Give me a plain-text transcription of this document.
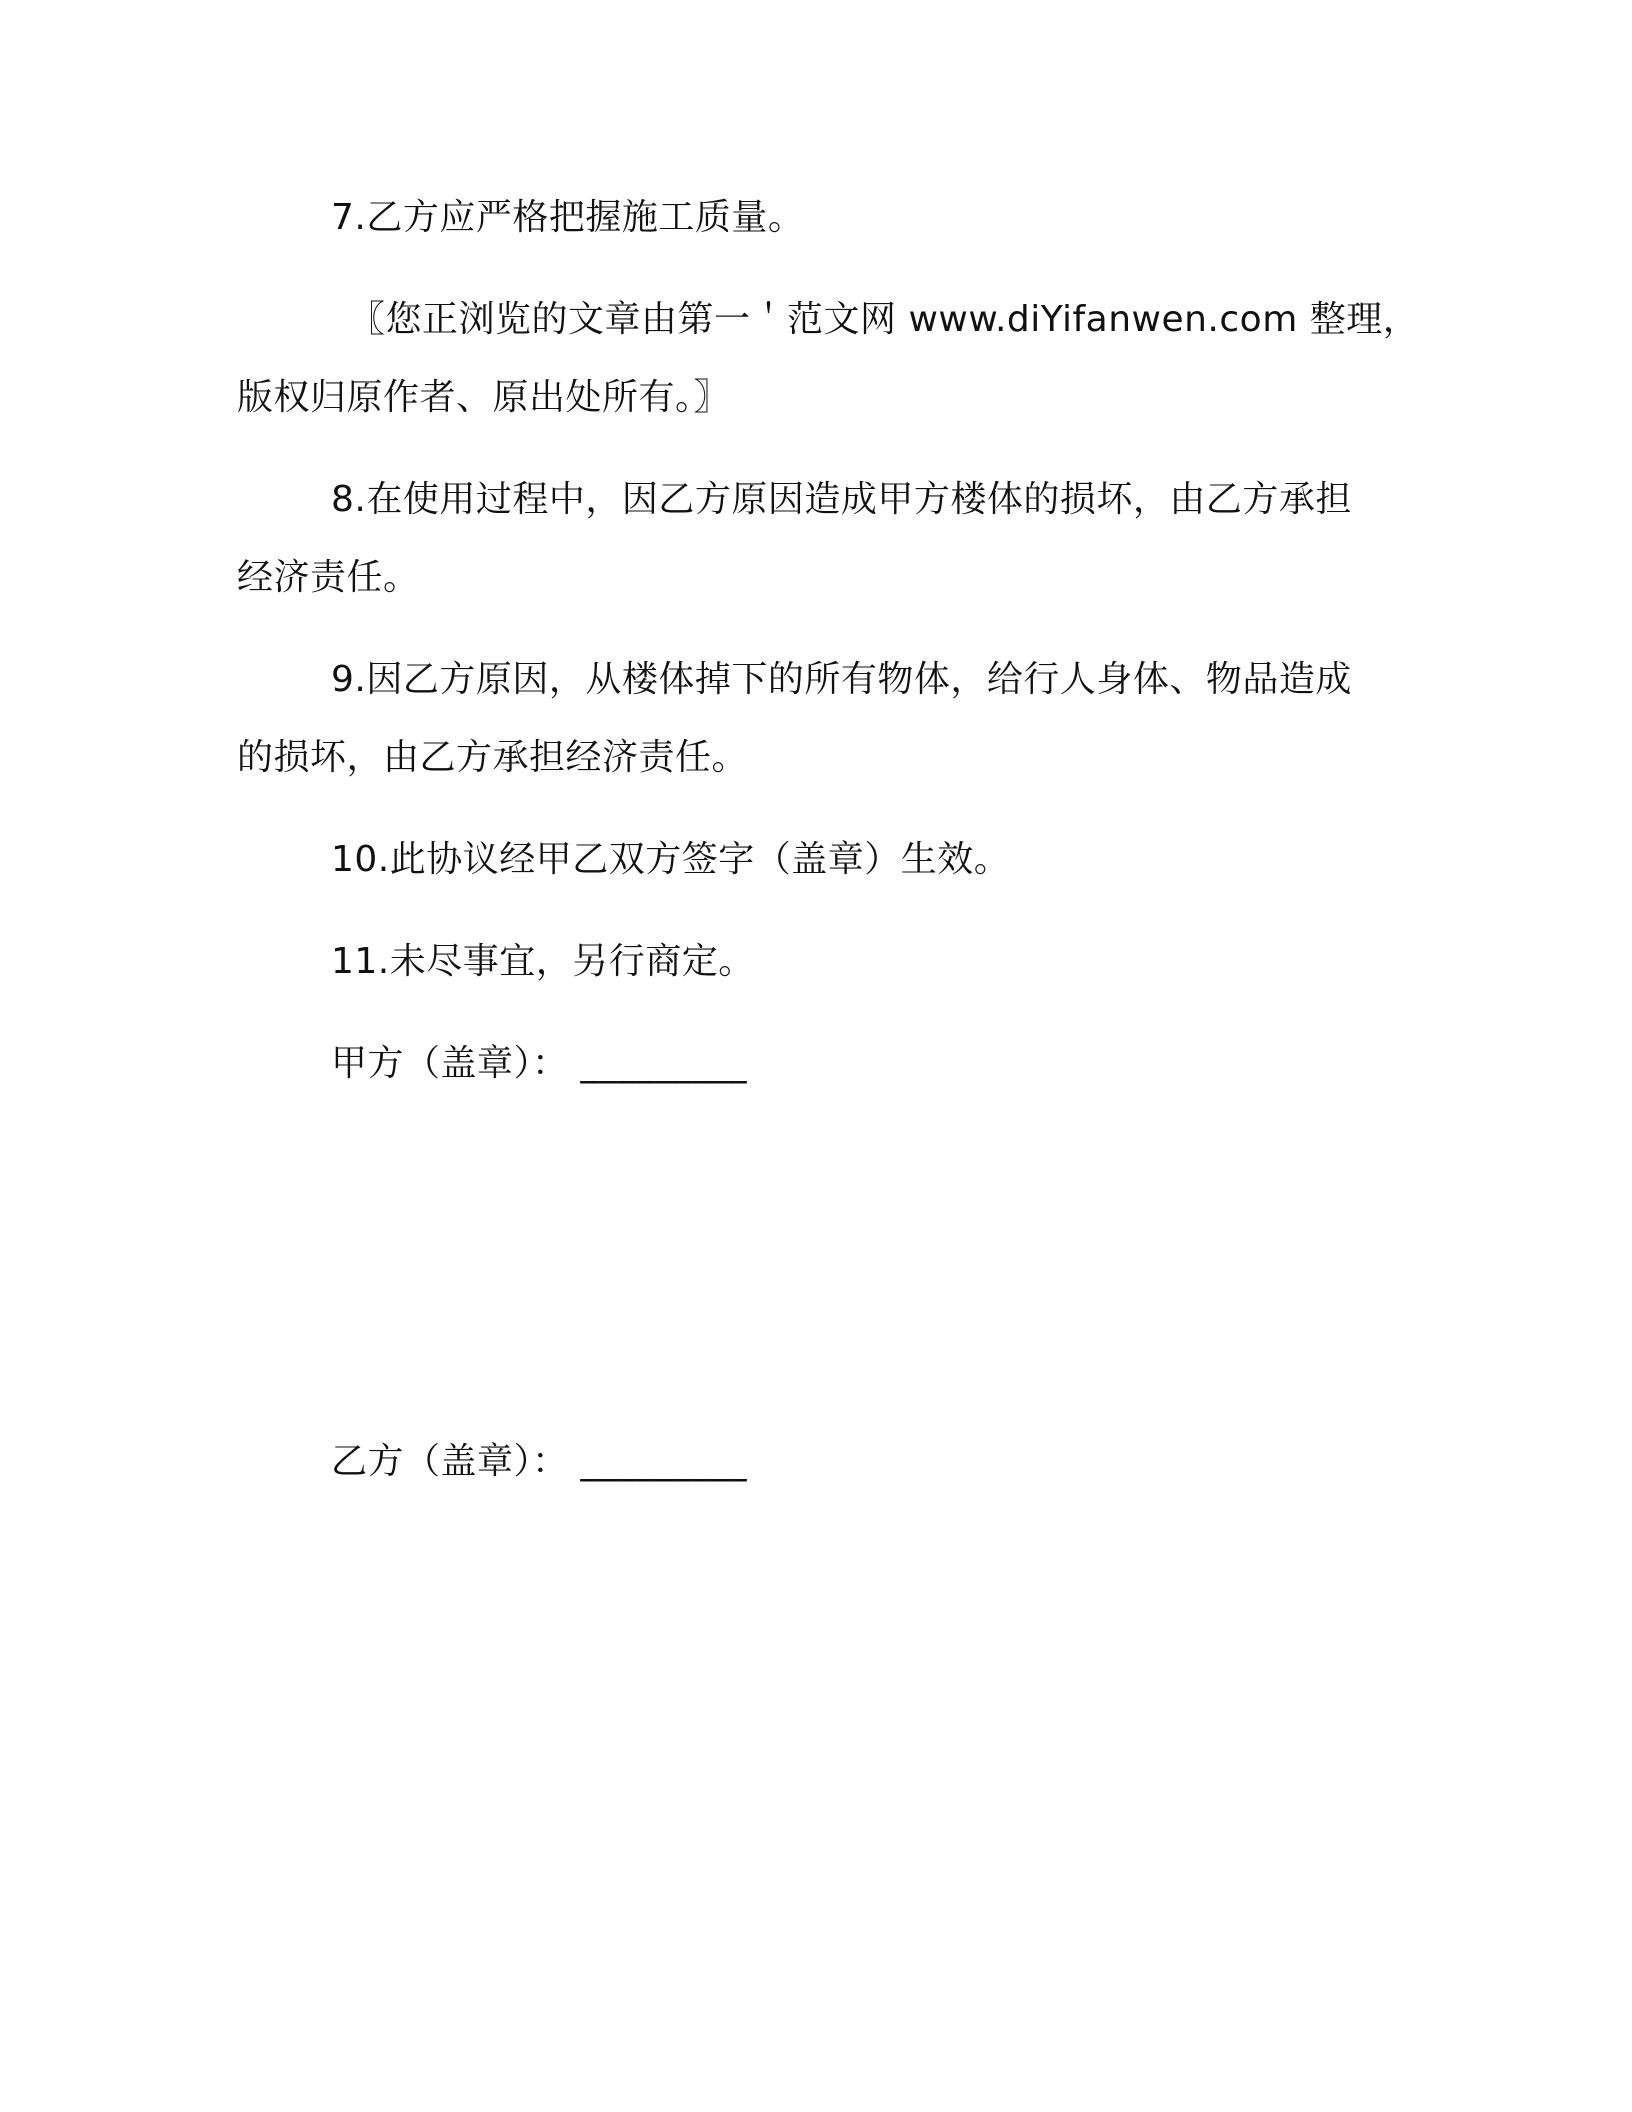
7.乙方应严格把握施工质量。
〖您正浏览的文章由第一＇范文网 www.diYifanwen.com 整理，
版权归原作者、原出处所有。〗
8.在使用过程中，因乙方原因造成甲方楼体的损坏，由乙方承担
经济责任。
9.因乙方原因，从楼体掉下的所有物体，给行人身体、物品造成
的损坏，由乙方承担经济责任。
10.此协议经甲乙双方签字（盖章）生效。
11.未尽事宜，另行商定。
甲方（盖章）： _________
乙方（盖章）： _________
